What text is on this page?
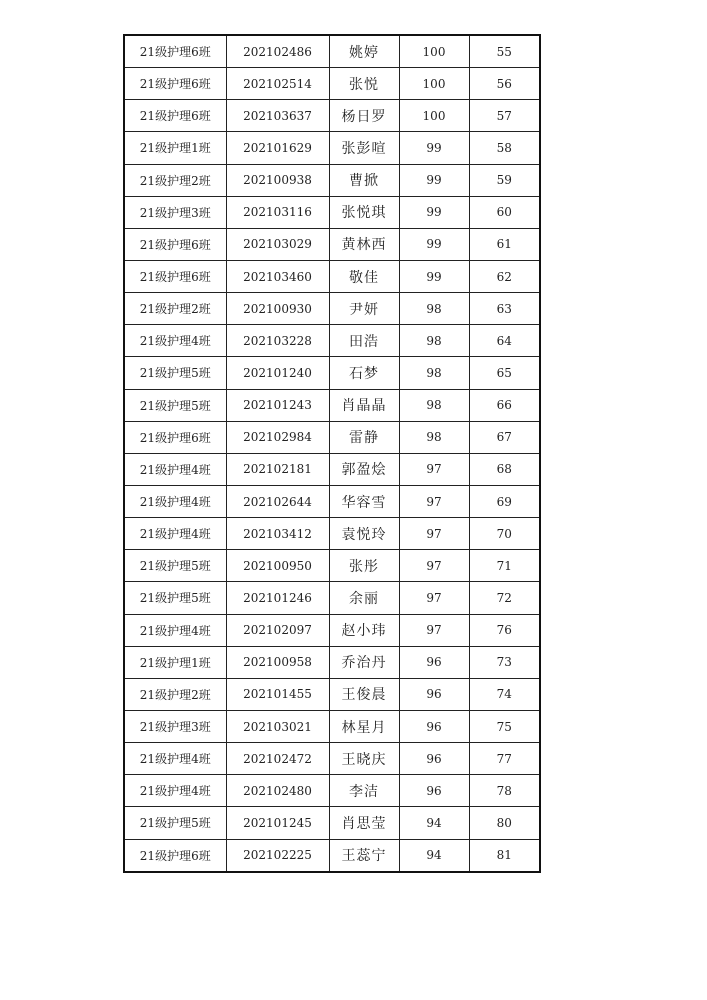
21级护理6班	202102486	姚婷	100	55
21级护理6班	202102514	张悦	100	56
21级护理6班	202103637	杨日罗	100	57
21级护理1班	202101629	张彭喧	99	58
21级护理2班	202100938	曹掀	99	59
21级护理3班	202103116	张悦琪	99	60
21级护理6班	202103029	黄林西	99	61
21级护理6班	202103460	敬佳	99	62
21级护理2班	202100930	尹妍	98	63
21级护理4班	202103228	田浩	98	64
21级护理5班	202101240	石梦	98	65
21级护理5班	202101243	肖晶晶	98	66
21级护理6班	202102984	雷静	98	67
21级护理4班	202102181	郭盈烩	97	68
21级护理4班	202102644	华容雪	97	69
21级护理4班	202103412	袁悦玲	97	70
21级护理5班	202100950	张彤	97	71
21级护理5班	202101246	余丽	97	72
21级护理4班	202102097	赵小玮	97	76
21级护理1班	202100958	乔治丹	96	73
21级护理2班	202101455	王俊晨	96	74
21级护理3班	202103021	林星月	96	75
21级护理4班	202102472	王晓庆	96	77
21级护理4班	202102480	李洁	96	78
21级护理5班	202101245	肖思莹	94	80
21级护理6班	202102225	王蕊宁	94	81
